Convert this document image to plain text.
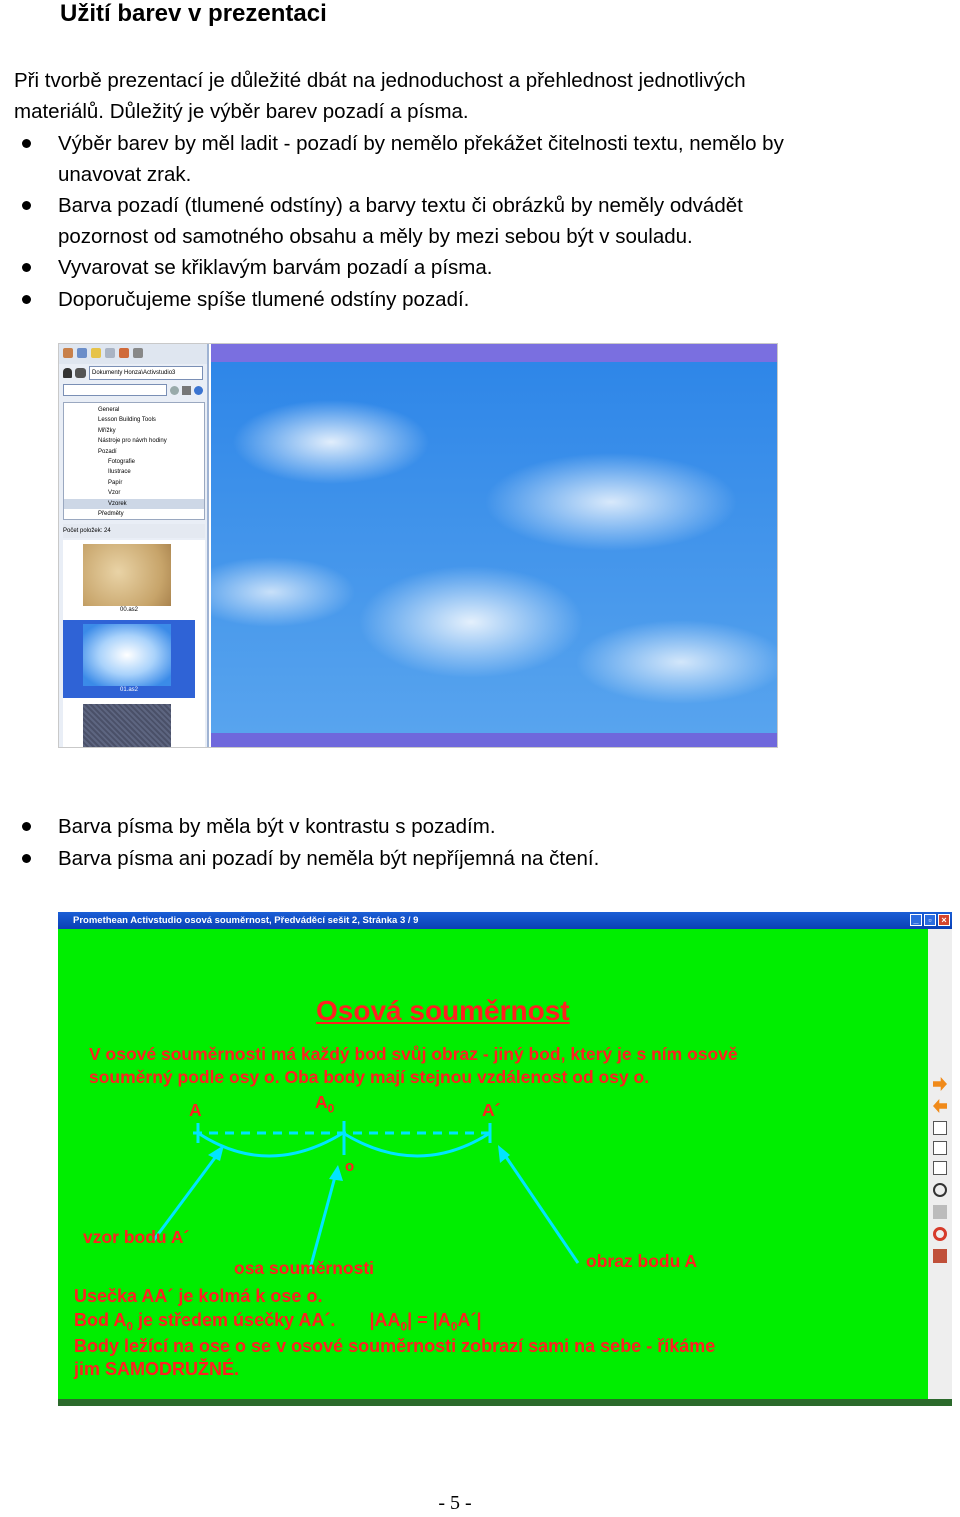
Užití barev v prezentaci
Při tvorbě prezentací je důležité dbát na jednoduchost a přehlednost jednotlivých
materiálů. Důležitý je výběr barev pozadí a písma.
Výběr barev by měl ladit - pozadí by nemělo překážet čitelnosti textu, nemělo by
unavovat zrak.
Barva pozadí (tlumené odstíny) a barvy textu či obrázků by neměly odvádět
pozornost od samotného obsahu a měly by mezi sebou být v souladu.
Vyvarovat se křiklavým barvám pozadí a písma.
Doporučujeme spíše tlumené odstíny pozadí.
Dokumenty Honza\Activstudio3
General
Lesson Building Tools
Mřížky
Nástroje pro návrh hodiny
Pozadí
Fotografie
Ilustrace
Papír
Vzor
Vzorek
Předměty
Počet položek: 24
00.as2
01.as2
Barva písma by měla být v kontrastu s pozadím.
Barva písma ani pozadí by neměla být nepříjemná na čtení.
Promethean Activstudio osová souměrnost, Předváděcí sešit 2, Stránka 3 / 9	_	▫	×
Osová souměrnost
V osové souměrnosti má každý bod svůj obraz - jiný bod, který je s ním osově
souměrný podle osy o. Oba body mají stejnou vzdálenost od osy o.
A	$A_0$	A´
o
vzor bodu A´
osa souměrnosti	obraz bodu A
Usečka AA´ je kolmá k ose o.
Bod $A_0$ je středem úsečky AA´. $|AA_0|$ = $|A_0A´|$
Body ležící na ose o se v osové souměrnosti zobrazí sami na sebe - říkáme
jim SAMODRUŽNÉ.
- 5 -
